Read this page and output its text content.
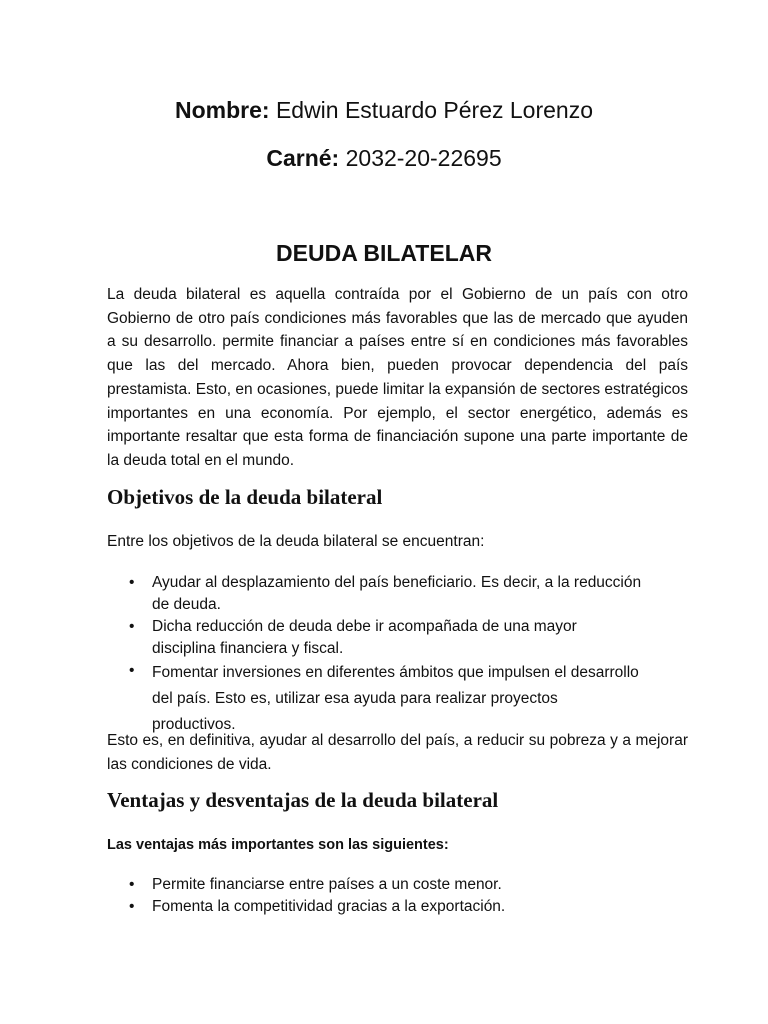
Nombre: Edwin Estuardo Pérez Lorenzo
Carné: 2032-20-22695
DEUDA BILATELAR

La deuda bilateral es aquella contraída por el Gobierno de un país con otro Gobierno de otro país condiciones más favorables que las de mercado que ayuden a su desarrollo. permite financiar a países entre sí en condiciones más favorables que las del mercado. Ahora bien, pueden provocar dependencia del país prestamista. Esto, en ocasiones, puede limitar la expansión de sectores estratégicos importantes en una economía. Por ejemplo, el sector energético, además es importante resaltar que esta forma de financiación supone una parte importante de la deuda total en el mundo.

Objetivos de la deuda bilateral

Entre los objetivos de la deuda bilateral se encuentran:

• Ayudar al desplazamiento del país beneficiario. Es decir, a la reducción de deuda.
• Dicha reducción de deuda debe ir acompañada de una mayor disciplina financiera y fiscal.
• Fomentar inversiones en diferentes ámbitos que impulsen el desarrollo del país. Esto es, utilizar esa ayuda para realizar proyectos productivos.

Esto es, en definitiva, ayudar al desarrollo del país, a reducir su pobreza y a mejorar las condiciones de vida.

Ventajas y desventajas de la deuda bilateral

Las ventajas más importantes son las siguientes:

• Permite financiarse entre países a un coste menor.
• Fomenta la competitividad gracias a la exportación.
